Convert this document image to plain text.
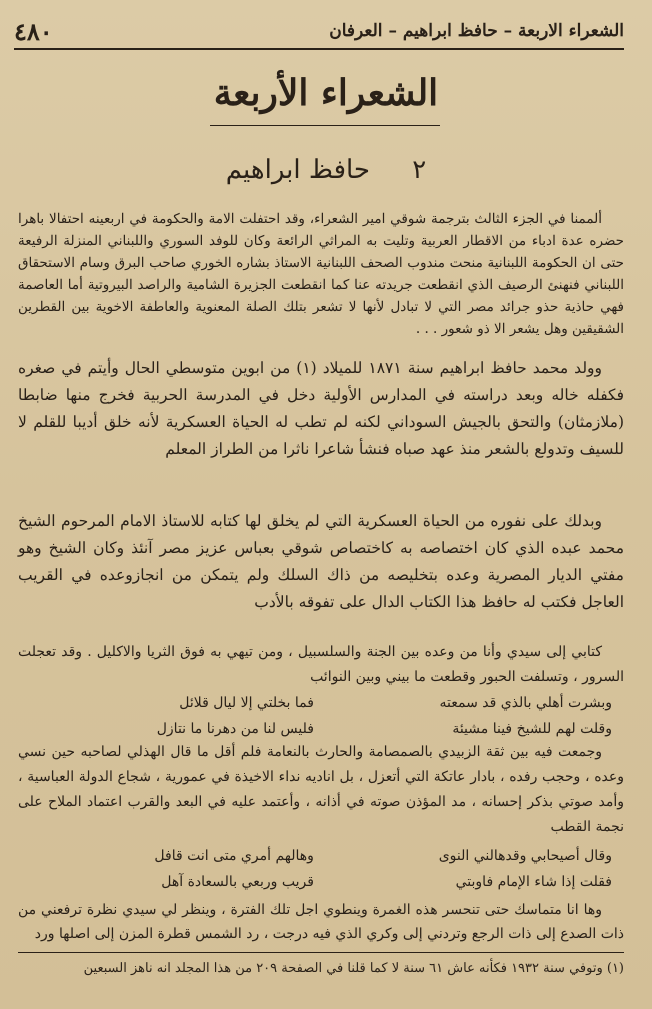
الشعراء الاربعة – حافظ ابراهيم – العرفان
٤٨٠
الشعراء الأربعة
٢ حافظ ابراهيم

ألممنا في الجزء الثالث بترجمة شوقي امير الشعراء، وقد احتفلت الامة والحكومة في اربعينه احتفالا باهرا حضره عدة ادباء من الاقطار العربية وتليت به المراثي الرائعة وكان للوفد السوري واللبناني المنزلة الرفيعة حتى ان الحكومة اللبنانية منحت مندوب الصحف اللبنانية الاستاذ بشاره الخوري صاحب البرق وسام الاستحقاق اللبناني فنهنئ الرصيف الذي انقطعت جريدته عنا كما انقطعت الجزيرة الشامية والراصد البيروتية أما العاصمة فهي حاذية حذو جرائد مصر التي لا تبادل لأنها لا تشعر بتلك الصلة المعنوية والعاطفة الاخوية بين القطرين الشقيقين وهل يشعر الا ذو شعور . . .

وولد محمد حافظ ابراهيم سنة ١٨٧١ للميلاد (١) من ابوين متوسطي الحال وأيتم في صغره فكفله خاله وبعد دراسته في المدارس الأولية دخل في المدرسة الحربية فخرج منها ضابطا (ملازمثان) والتحق بالجيش السوداني لكنه لم تطب له الحياة العسكرية لأنه خلق أديبا للقلم لا للسيف وتدولع بالشعر منذ عهد صباه فنشأ شاعرا ناثرا من الطراز المعلم

وبدلك على نفوره من الحياة العسكرية التي لم يخلق لها كتابه للاستاذ الامام المرحوم الشيخ محمد عبده الذي كان اختصاصه به كاختصاص شوقي بعباس عزيز مصر آنئذ وكان الشيخ وهو مفتي الديار المصرية وعده بتخليصه من ذاك السلك ولم يتمكن من انجازوعده في القريب العاجل فكتب له حافظ هذا الكتاب الدال على تفوقه بالأدب

كتابي إلى سيدي وأنا من وعده بين الجنة والسلسبيل ، ومن تيهي به فوق الثريا والاكليل . وقد تعجلت السرور ، وتسلفت الحبور وقطعت ما بيني وبين النوائب

وبشرت أهلي بالذي قد سمعته
فما بخلتي إلا ليال قلائل
وقلت لهم للشيخ فينا مشيئة
فليس لنا من دهرنا ما نتازل

وجمعت فيه بين ثقة الزبيدي بالصمصامة والحارث بالنعامة فلم أقل ما قال الهذلي لصاحبه حين نسي وعده ، وحجب رفده ، بادار عاتكة التي أتعزل ، بل اناديه نداء الاخيذة في عمورية ، شجاع الدولة العباسية ، وأمد صوتي بذكر إحسانه ، مد المؤذن صوته في أذانه ، وأعتمد عليه في البعد والقرب اعتماد الملاح على نجمة القطب

وقال أصيحابي وقدهالني النوى
وهالهم أمري متى انت قافل
فقلت إذا شاء الإمام فاوبتي
قريب وربعي بالسعادة آهل

وها انا متماسك حتى تنحسر هذه الغمرة وينطوي اجل تلك الفترة ، وينظر لي سيدي نظرة ترفعني من ذات الصدع إلى ذات الرجع وتردني إلى وكري الذي فيه درجت ، رد الشمس قطرة المزن إلى اصلها ورد

(١) وتوفي سنة ١٩٣٢ فكأنه عاش ٦١ سنة لا كما قلنا في الصفحة ٢٠٩ من هذا المجلد انه ناهز السبعين
